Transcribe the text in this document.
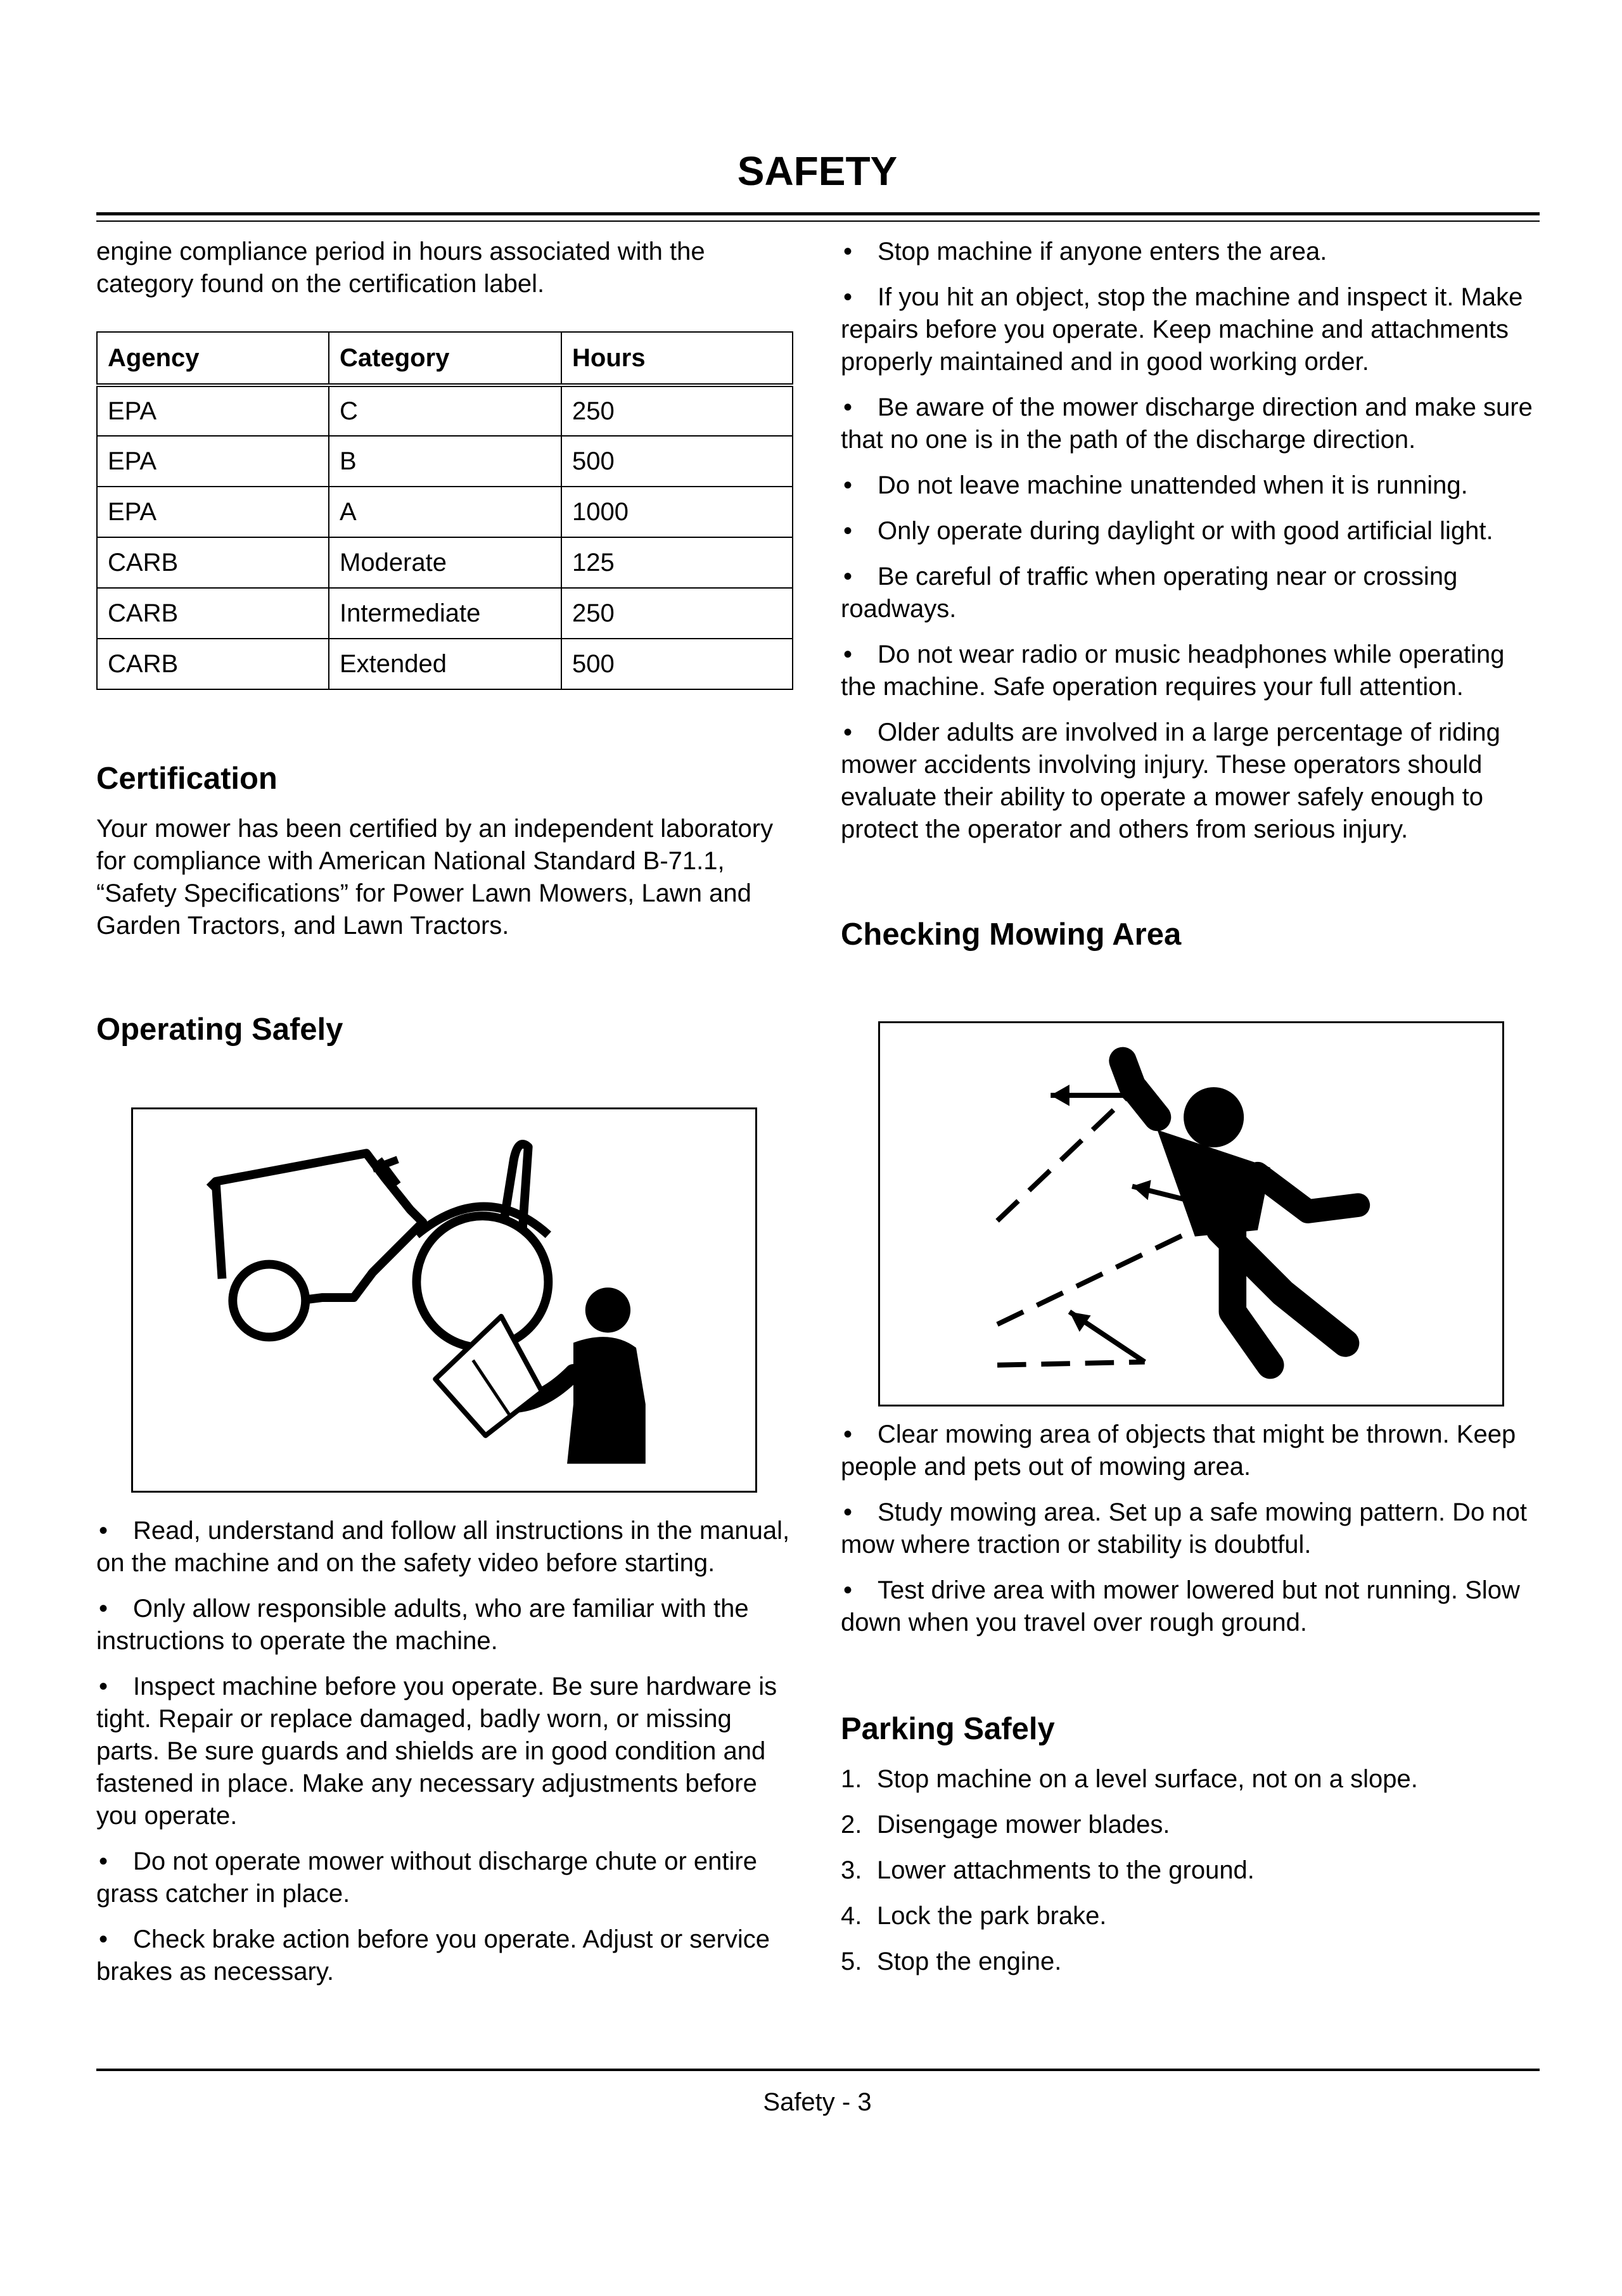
SAFETY

engine compliance period in hours associated with the category found on the certification label.

Agency	Category	Hours
EPA	C	250
EPA	B	500
EPA	A	1000
CARB	Moderate	125
CARB	Intermediate	250
CARB	Extended	500
Certification

Your mower has been certified by an independent laboratory for compliance with American National Standard B-71.1, “Safety Specifications” for Power Lawn Mowers, Lawn and Garden Tractors, and Lawn Tractors.

Operating Safely

• Read, understand and follow all instructions in the manual, on the machine and on the safety video before starting.

• Only allow responsible adults, who are familiar with the instructions to operate the machine.

• Inspect machine before you operate. Be sure hardware is tight. Repair or replace damaged, badly worn, or missing parts. Be sure guards and shields are in good condition and fastened in place. Make any necessary adjustments before you operate.

• Do not operate mower without discharge chute or entire grass catcher in place.

• Check brake action before you operate. Adjust or service brakes as necessary.

• Stop machine if anyone enters the area.

• If you hit an object, stop the machine and inspect it. Make repairs before you operate. Keep machine and attachments properly maintained and in good working order.

• Be aware of the mower discharge direction and make sure that no one is in the path of the discharge direction.

• Do not leave machine unattended when it is running.

• Only operate during daylight or with good artificial light.

• Be careful of traffic when operating near or crossing roadways.

• Do not wear radio or music headphones while operating the machine. Safe operation requires your full attention.

• Older adults are involved in a large percentage of riding mower accidents involving injury. These operators should evaluate their ability to operate a mower safely enough to protect the operator and others from serious injury.

Checking Mowing Area

• Clear mowing area of objects that might be thrown. Keep people and pets out of mowing area.

• Study mowing area. Set up a safe mowing pattern. Do not mow where traction or stability is doubtful.

• Test drive area with mower lowered but not running. Slow down when you travel over rough ground.

Parking Safely
1. Stop machine on a level surface, not on a slope.
2. Disengage mower blades.
3. Lower attachments to the ground.
4. Lock the park brake.
5. Stop the engine.
Safety - 3
